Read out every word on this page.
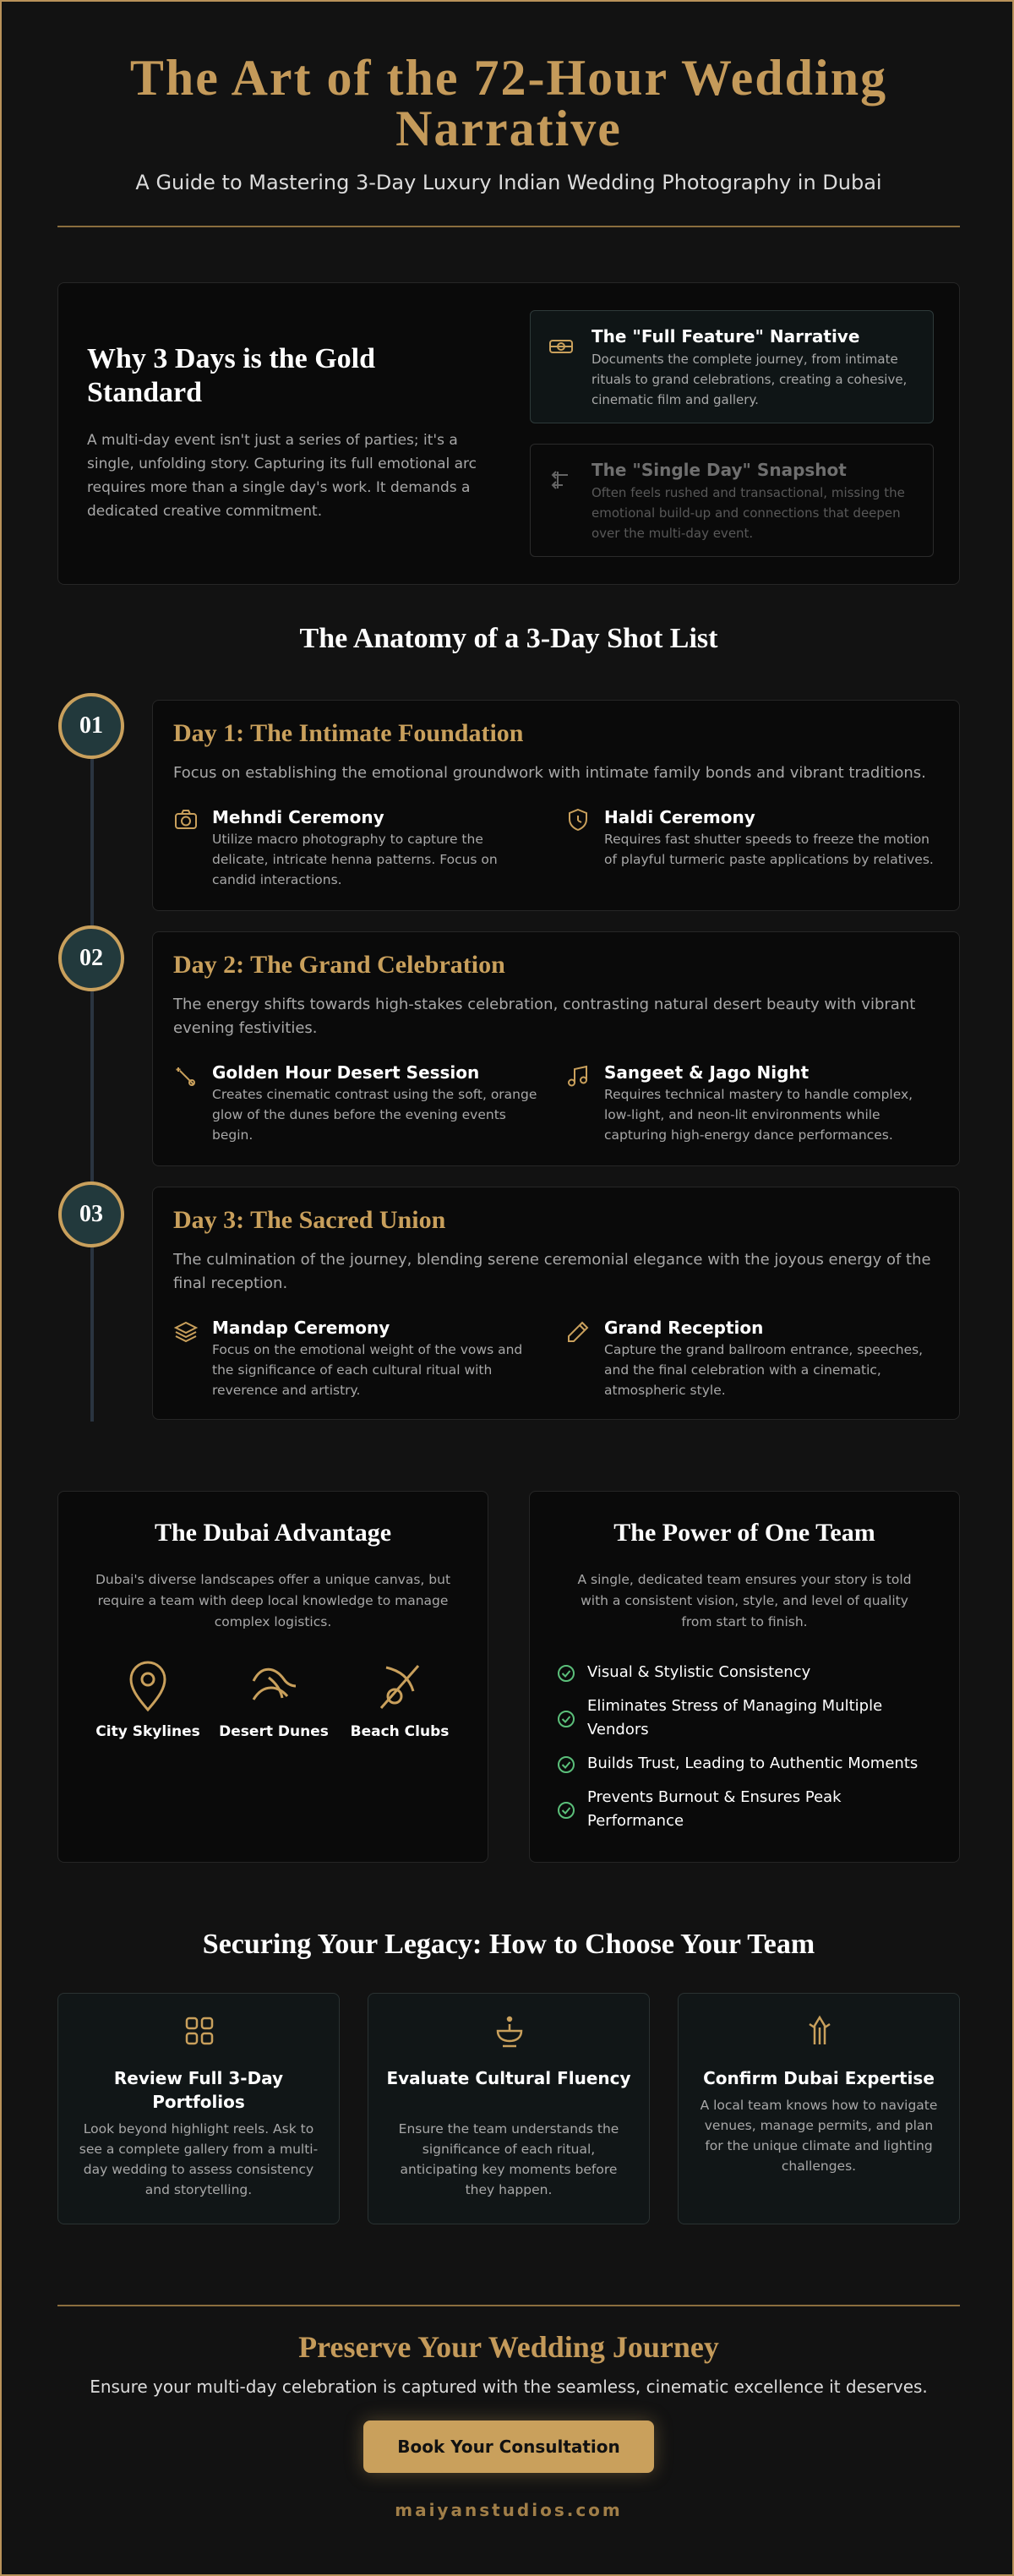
The Art of the 72-Hour Wedding Narrative
A Guide to Mastering 3-Day Luxury Indian Wedding Photography in Dubai
Why 3 Days is the Gold Standard

A multi-day event isn't just a series of parties; it's a single, unfolding story. Capturing its full emotional arc requires more than a single day's work. It demands a dedicated creative commitment.

The "Full Feature" Narrative
Documents the complete journey, from intimate rituals to grand celebrations, creating a cohesive, cinematic film and gallery.
The "Single Day" Snapshot
Often feels rushed and transactional, missing the emotional build-up and connections that deepen over the multi-day event.
The Anatomy of a 3-Day Shot List
01	Day 1: The Intimate Foundation

Focus on establishing the emotional groundwork with intimate family bonds and vibrant traditions.

Mehndi Ceremony
Utilize macro photography to capture the delicate, intricate henna patterns. Focus on candid interactions.
Haldi Ceremony
Requires fast shutter speeds to freeze the motion of playful turmeric paste applications by relatives.
02	Day 2: The Grand Celebration

The energy shifts towards high-stakes celebration, contrasting natural desert beauty with vibrant evening festivities.

Golden Hour Desert Session
Creates cinematic contrast using the soft, orange glow of the dunes before the evening events begin.
Sangeet & Jago Night
Requires technical mastery to handle complex, low-light, and neon-lit environments while capturing high-energy dance performances.
03	Day 3: The Sacred Union

The culmination of the journey, blending serene ceremonial elegance with the joyous energy of the final reception.

Mandap Ceremony
Focus on the emotional weight of the vows and the significance of each cultural ritual with reverence and artistry.
Grand Reception
Capture the grand ballroom entrance, speeches, and the final celebration with a cinematic, atmospheric style.
The Dubai Advantage

Dubai's diverse landscapes offer a unique canvas, but require a team with deep local knowledge to manage complex logistics.

City Skylines	Desert Dunes	Beach Clubs
The Power of One Team

A single, dedicated team ensures your story is told with a consistent vision, style, and level of quality from start to finish.

Visual & Stylistic Consistency
Eliminates Stress of Managing Multiple Vendors
Builds Trust, Leading to Authentic Moments
Prevents Burnout & Ensures Peak Performance
Securing Your Legacy: How to Choose Your Team
Review Full 3-Day Portfolios
Look beyond highlight reels. Ask to see a complete gallery from a multi-day wedding to assess consistency and storytelling.
Evaluate Cultural Fluency
Ensure the team understands the significance of each ritual, anticipating key moments before they happen.
Confirm Dubai Expertise
A local team knows how to navigate venues, manage permits, and plan for the unique climate and lighting challenges.
Preserve Your Wedding Journey

Ensure your multi-day celebration is captured with the seamless, cinematic excellence it deserves.

Book Your Consultation
maiyanstudios.com
